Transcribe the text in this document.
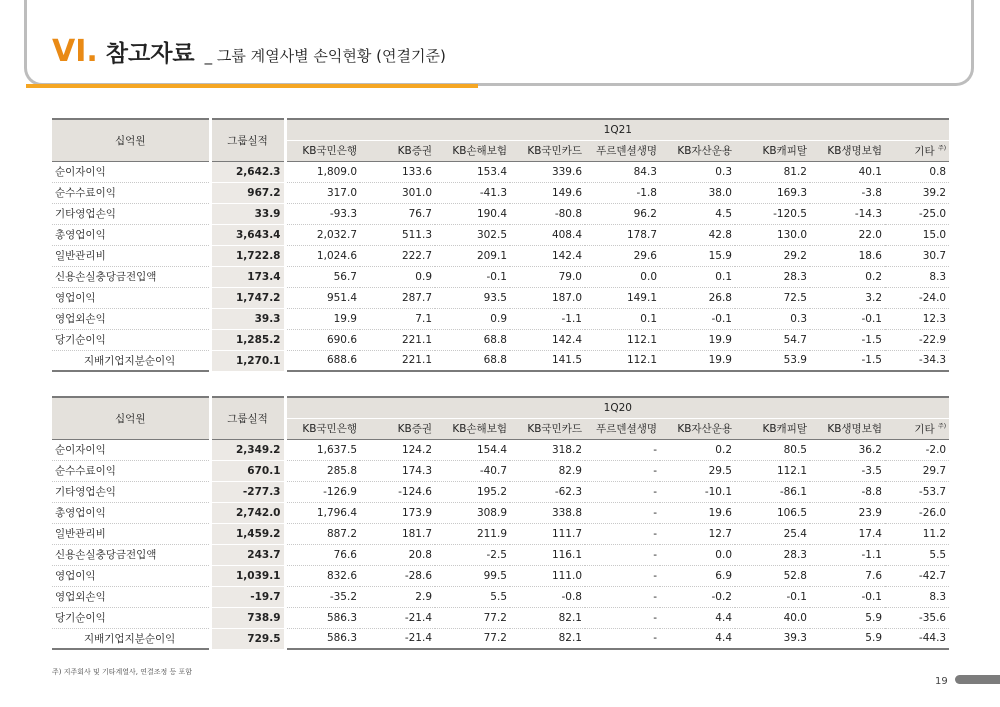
VI. 참고자료 _ 그룹 계열사별 손익현황 (연결기준)
십억원	그룹실적	1Q21								
		KB국민은행	KB증권	KB손해보험	KB국민카드	푸르덴셜생명	KB자산운용	KB캐피탈	KB생명보험	기타 $^{주)}$
순이자이익	2,642.3	1,809.0	133.6	153.4	339.6	84.3	0.3	81.2	40.1	0.8
순수수료이익	967.2	317.0	301.0	-41.3	149.6	-1.8	38.0	169.3	-3.8	39.2
기타영업손익	33.9	-93.3	76.7	190.4	-80.8	96.2	4.5	-120.5	-14.3	-25.0
총영업이익	3,643.4	2,032.7	511.3	302.5	408.4	178.7	42.8	130.0	22.0	15.0
일반관리비	1,722.8	1,024.6	222.7	209.1	142.4	29.6	15.9	29.2	18.6	30.7
신용손실충당금전입액	173.4	56.7	0.9	-0.1	79.0	0.0	0.1	28.3	0.2	8.3
영업이익	1,747.2	951.4	287.7	93.5	187.0	149.1	26.8	72.5	3.2	-24.0
영업외손익	39.3	19.9	7.1	0.9	-1.1	0.1	-0.1	0.3	-0.1	12.3
당기순이익	1,285.2	690.6	221.1	68.8	142.4	112.1	19.9	54.7	-1.5	-22.9
지배기업지분순이익	1,270.1	688.6	221.1	68.8	141.5	112.1	19.9	53.9	-1.5	-34.3
십억원	그룹실적	1Q20								
		KB국민은행	KB증권	KB손해보험	KB국민카드	푸르덴셜생명	KB자산운용	KB캐피탈	KB생명보험	기타 $^{주)}$
순이자이익	2,349.2	1,637.5	124.2	154.4	318.2	-	0.2	80.5	36.2	-2.0
순수수료이익	670.1	285.8	174.3	-40.7	82.9	-	29.5	112.1	-3.5	29.7
기타영업손익	-277.3	-126.9	-124.6	195.2	-62.3	-	-10.1	-86.1	-8.8	-53.7
총영업이익	2,742.0	1,796.4	173.9	308.9	338.8	-	19.6	106.5	23.9	-26.0
일반관리비	1,459.2	887.2	181.7	211.9	111.7	-	12.7	25.4	17.4	11.2
신용손실충당금전입액	243.7	76.6	20.8	-2.5	116.1	-	0.0	28.3	-1.1	5.5
영업이익	1,039.1	832.6	-28.6	99.5	111.0	-	6.9	52.8	7.6	-42.7
영업외손익	-19.7	-35.2	2.9	5.5	-0.8	-	-0.2	-0.1	-0.1	8.3
당기순이익	738.9	586.3	-21.4	77.2	82.1	-	4.4	40.0	5.9	-35.6
지배기업지분순이익	729.5	586.3	-21.4	77.2	82.1	-	4.4	39.3	5.9	-44.3
주) 지주회사 및 기타계열사, 연결조정 등 포함
19
